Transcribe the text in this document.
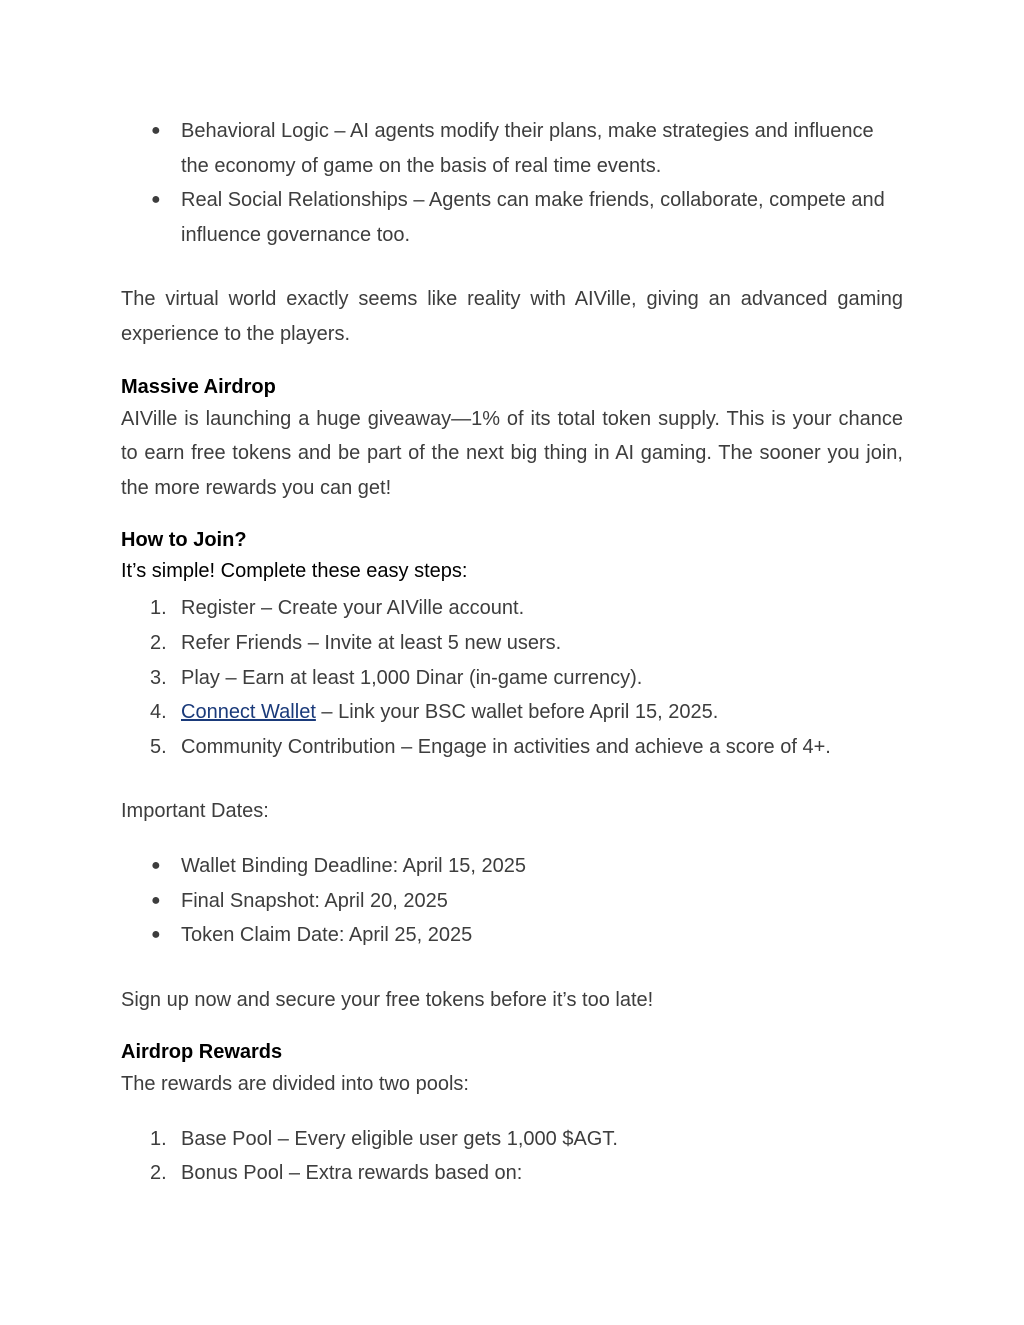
● Behavioral Logic – AI agents modify their plans, make strategies and influence the economy of game on the basis of real time events.
● Real Social Relationships – Agents can make friends, collaborate, compete and influence governance too.

The virtual world exactly seems like reality with AIVille, giving an advanced gaming experience to the players.

Massive Airdrop

AIVille is launching a huge giveaway—1% of its total token supply. This is your chance to earn free tokens and be part of the next big thing in AI gaming. The sooner you join, the more rewards you can get!

How to Join?
It’s simple! Complete these easy steps:
1. Register – Create your AIVille account.
2. Refer Friends – Invite at least 5 new users.
3. Play – Earn at least 1,000 Dinar (in-game currency).
4. Connect Wallet – Link your BSC wallet before April 15, 2025.
5. Community Contribution – Engage in activities and achieve a score of 4+.
Important Dates:
● Wallet Binding Deadline: April 15, 2025
● Final Snapshot: April 20, 2025
● Token Claim Date: April 25, 2025
Sign up now and secure your free tokens before it’s too late!
Airdrop Rewards
The rewards are divided into two pools:
1. Base Pool – Every eligible user gets 1,000 $AGT.
2. Bonus Pool – Extra rewards based on:
